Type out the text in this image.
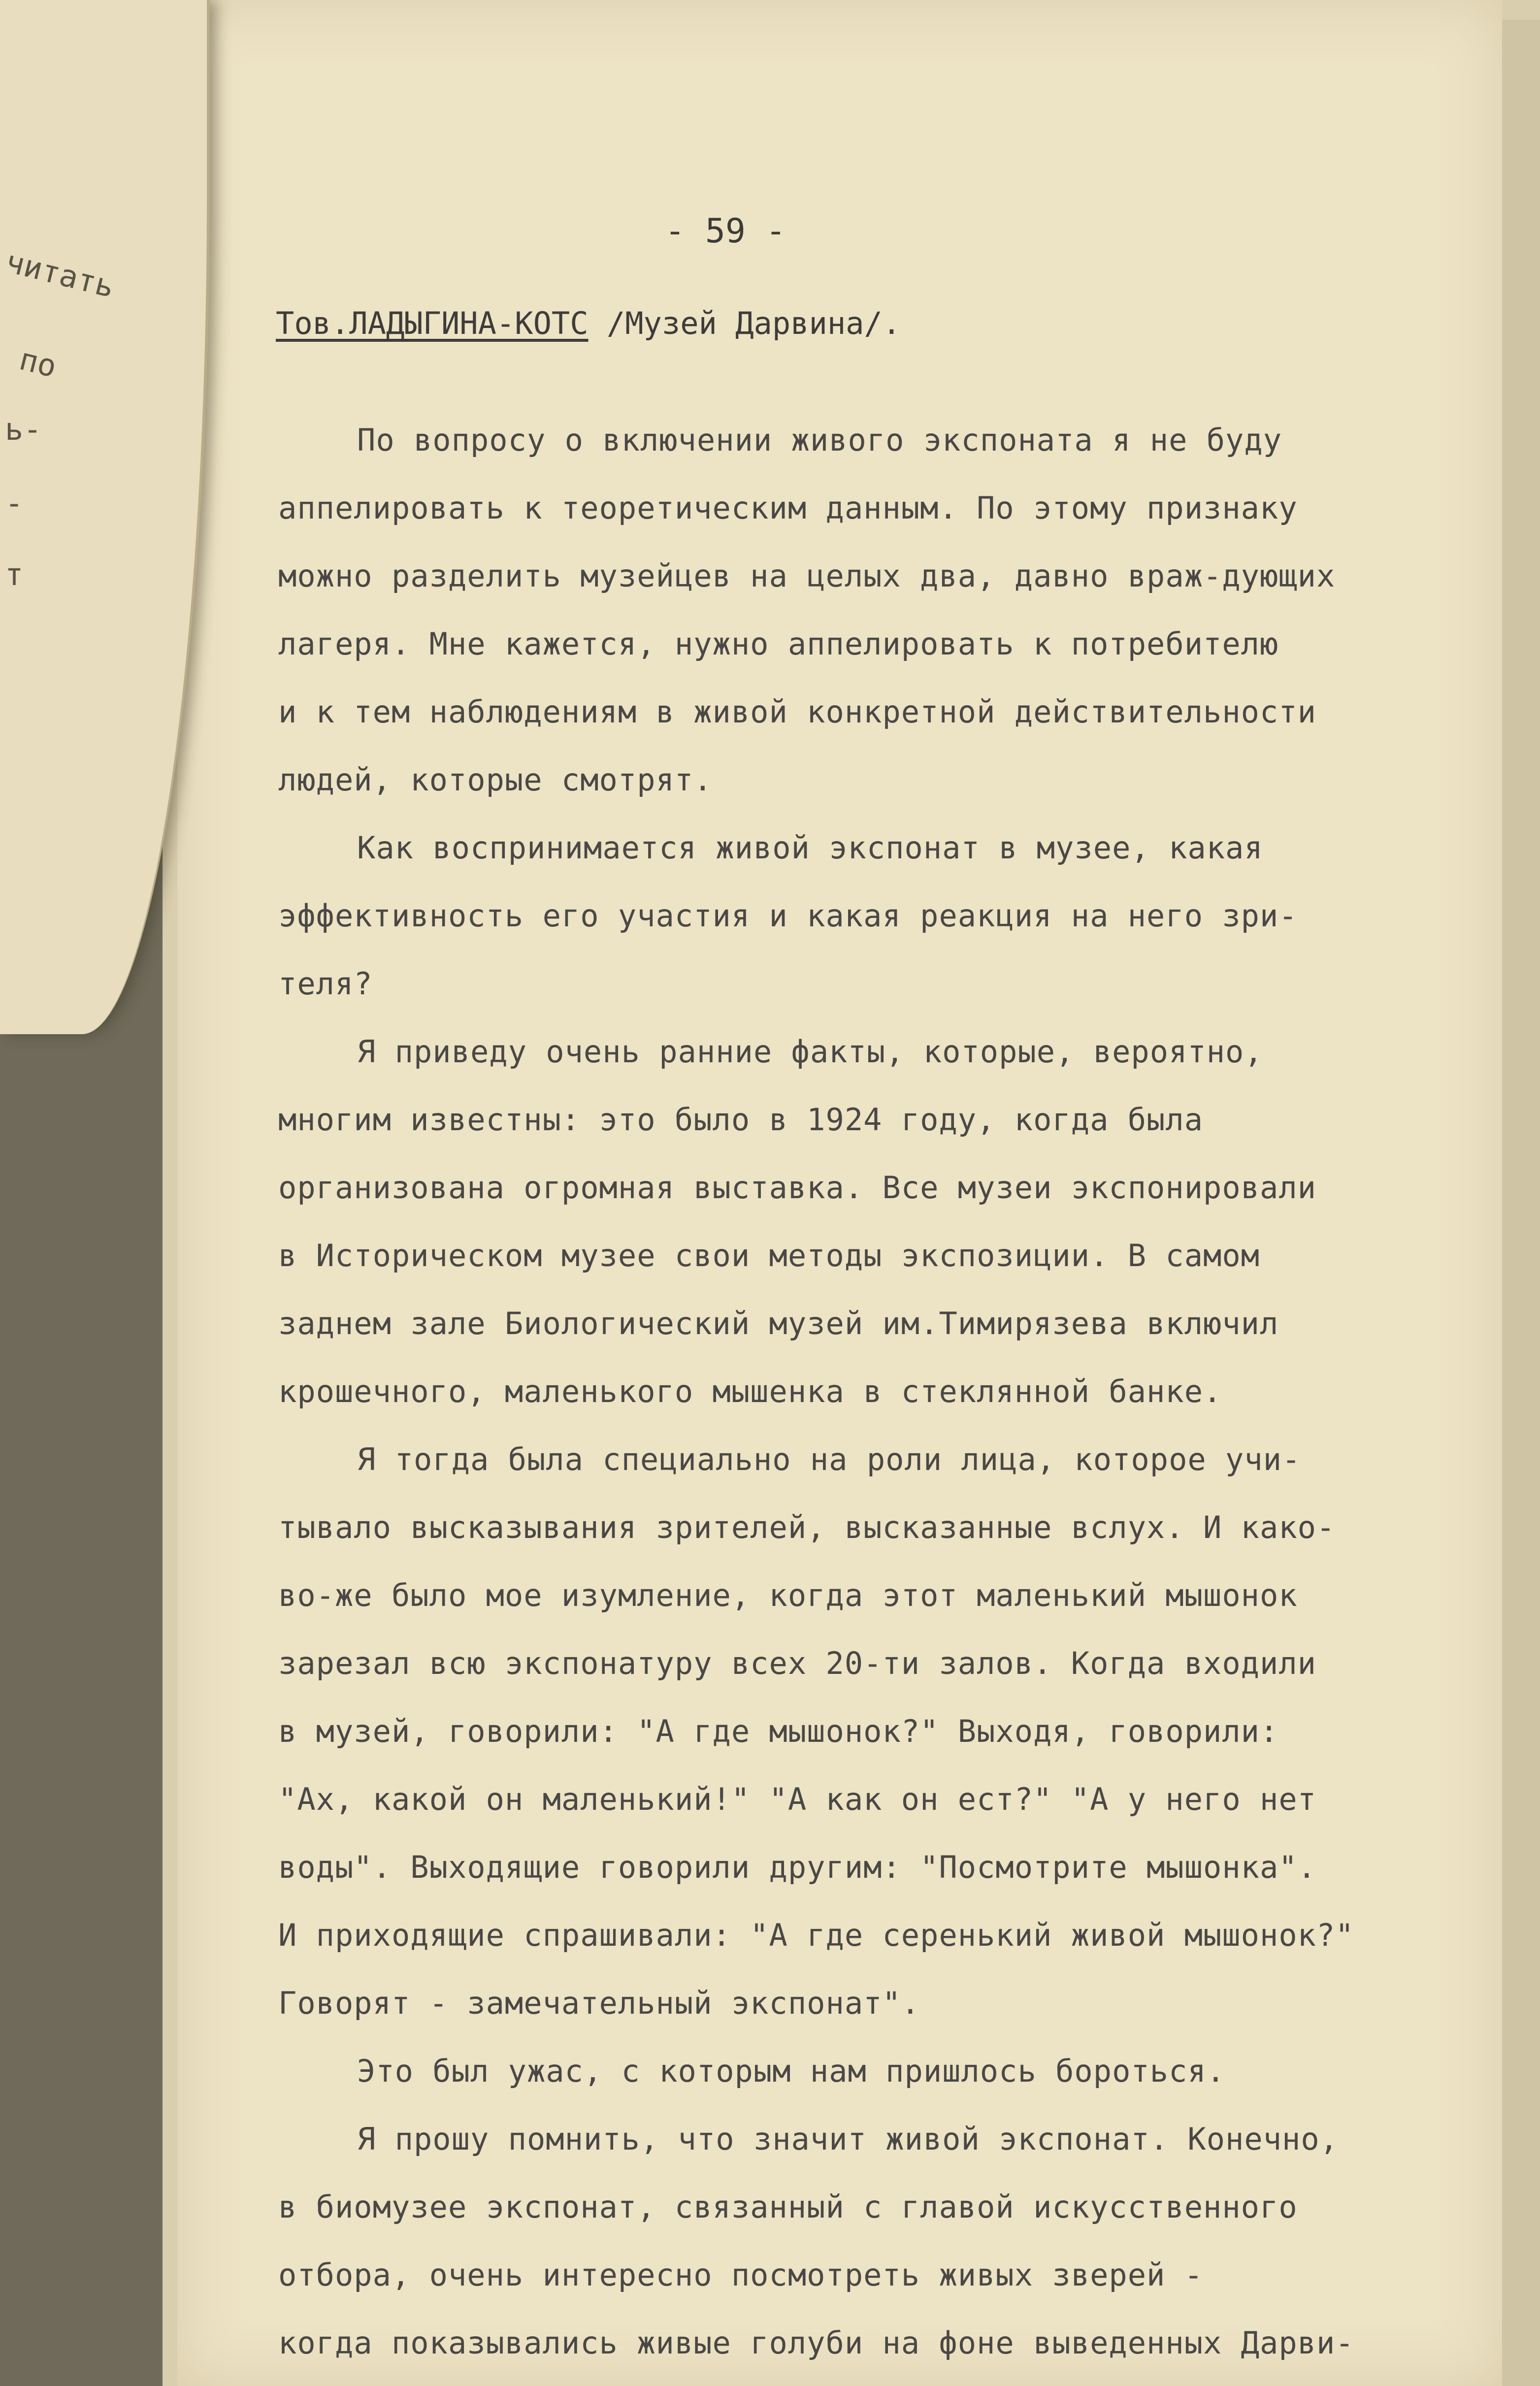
читать
по
ь-
-
т
- 59 -
Тов.ЛАДЫГИНА-КОТС /Музей Дарвина/.
По вопросу о включении живого экспоната я не буду
аппелировать к теоретическим данным. По этому признаку
можно разделить музейцев на целых два, давно враж-дующих
лагеря. Мне кажется, нужно аппелировать к потребителю
и к тем наблюдениям в живой конкретной действительности
людей, которые смотрят.
Как воспринимается живой экспонат в музее, какая
эффективность его участия и какая реакция на него зри-
теля?
Я приведу очень ранние факты, которые, вероятно,
многим известны: это было в 1924 году, когда была
организована огромная выставка. Все музеи экспонировали
в Историческом музее свои методы экспозиции. В самом
заднем зале Биологический музей им.Тимирязева включил
крошечного, маленького мышенка в стеклянной банке.
Я тогда была специально на роли лица, которое учи-
тывало высказывания зрителей, высказанные вслух. И како-
во-же было мое изумление, когда этот маленький мышонок
зарезал всю экспонатуру всех 20-ти залов. Когда входили
в музей, говорили: "А где мышонок?" Выходя, говорили:
"Ах, какой он маленький!" "А как он ест?" "А у него нет
воды". Выходящие говорили другим: "Посмотрите мышонка".
И приходящие спрашивали: "А где серенький живой мышонок?"
Говорят - замечательный экспонат".
Это был ужас, с которым нам пришлось бороться.
Я прошу помнить, что значит живой экспонат. Конечно,
в биомузее экспонат, связанный с главой искусственного
отбора, очень интересно посмотреть живых зверей -
когда показывались живые голуби на фоне выведенных Дарви-
